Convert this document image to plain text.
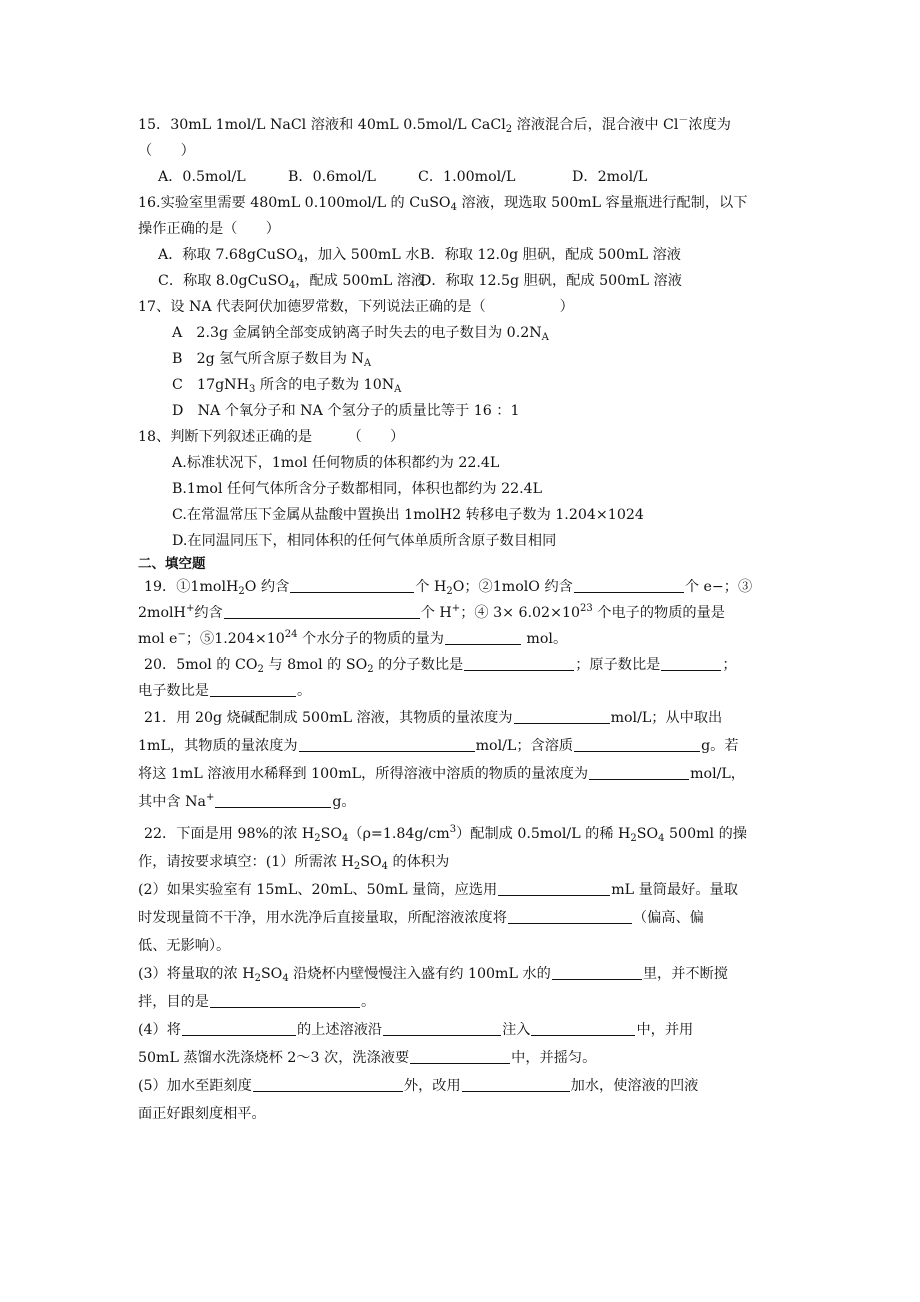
15．30mL 1mol/L NaCl 溶液和 40mL 0.5mol/L CaCl$_2$ 溶液混合后，混合液中 Cl－浓度为
（　　）
A．0.5mol/L	B．0.6mol/L	C．1.00mol/L	D．2mol/L
16.实验室里需要 480mL 0.100mol/L 的 CuSO$_4$ 溶液，现选取 500mL 容量瓶进行配制，以下
操作正确的是（　　）
A．称取 7.68gCuSO$_4$，加入 500mL 水B．称取 12.0g 胆矾，配成 500mL 溶液
C．称取 8.0gCuSO$_4$，配成 500mL 溶液D．称取 12.5g 胆矾，配成 500mL 溶液
17、设 NA 代表阿伏加德罗常数，下列说法正确的是（	）
A　2.3g 金属钠全部变成钠离子时失去的电子数目为 $0.2N_A$
B　2g 氢气所含原子数目为 $N_A$
C　17gNH$_3$ 所含的电子数为 $10N_A$
D　NA 个氧分子和 NA 个氢分子的质量比等于 16 ：1
18、判断下列叙述正确的是　　　（　　）
A.标准状况下，1mol 任何物质的体积都约为 22.4L
B.1mol 任何气体所含分子数都相同，体积也都约为 22.4L
C.在常温常压下金属从盐酸中置换出 1molH2 转移电子数为 1.204×1024
D.在同温同压下，相同体积的任何气体单质所含原子数目相同
二、填空题
19．①1molH$_2$O 约含	个 $H_2O$；②1molO 约含	个 e−；③
2molH+约含	个 H+；④ $3\times 6.02\times 10^{23}$ 个电子的物质的量是
mol e−；$⑤1.204\times 10^{24}$ 个水分子的物质的量为	mol。
20．5mol 的 $CO_2$ 与 8mol 的 $SO_2$ 的分子数比是	；原子数比是	；
电子数比是	。
21．用 20g 烧碱配制成 500mL 溶液，其物质的量浓度为	mol/L；从中取出
1mL，其物质的量浓度为	mol/L；含溶质	g。若
将这 1mL 溶液用水稀释到 100mL，所得溶液中溶质的物质的量浓度为	mol/L，
其中含 Na+	g。
22．下面是用 98%的浓 $H_2SO_4(\rho=1.84g/cm^3)$配制成 0.5mol/L 的稀 $H_2SO_4$ 500ml 的操
作，请按要求填空：(1）所需浓 $H_2SO_4$ 的体积为
(2）如果实验室有 15mL、20mL、50mL 量筒，应选用	mL 量筒最好。量取
时发现量筒不干净，用水洗净后直接量取，所配溶液浓度将	（偏高、偏
低、无影响）。
(3）将量取的浓 $H_2SO_4$ 沿烧杯内壁慢慢注入盛有约 100mL 水的	里，并不断搅
拌，目的是	。
(4）将	的上述溶液沿	注入	中，并用
50mL 蒸馏水洗涤烧杯 2～3 次，洗涤液要	中，并摇匀。
(5）加水至距刻度	外，改用	加水，使溶液的凹液
面正好跟刻度相平。
